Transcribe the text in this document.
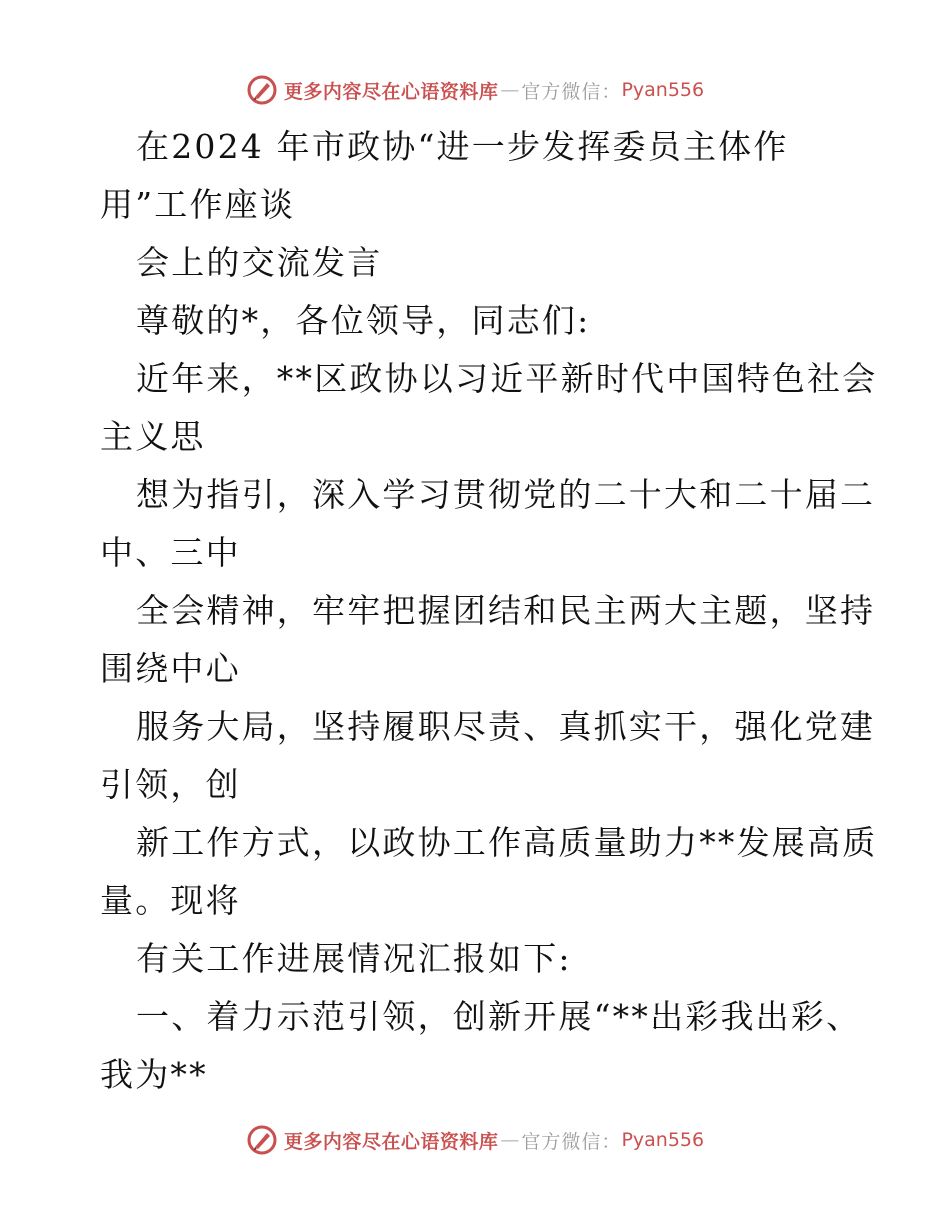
更多内容尽在心语资料库 — 官方微信： Pyan556
在2024 年市政协“进一步发挥委员主体作
用”工作座谈
会上的交流发言
尊敬的*，各位领导，同志们:
近年来，**区政协以习近平新时代中国特色社会
主义思
想为指引，深入学习贯彻党的二十大和二十届二
中、三中
全会精神，牢牢把握团结和民主两大主题，坚持
围绕中心
服务大局，坚持履职尽责、真抓实干，强化党建
引领，创
新工作方式，以政协工作高质量助力**发展高质
量。现将
有关工作进展情况汇报如下:
一、着力示范引领，创新开展“**出彩我出彩、
我为**
更多内容尽在心语资料库 — 官方微信： Pyan556
